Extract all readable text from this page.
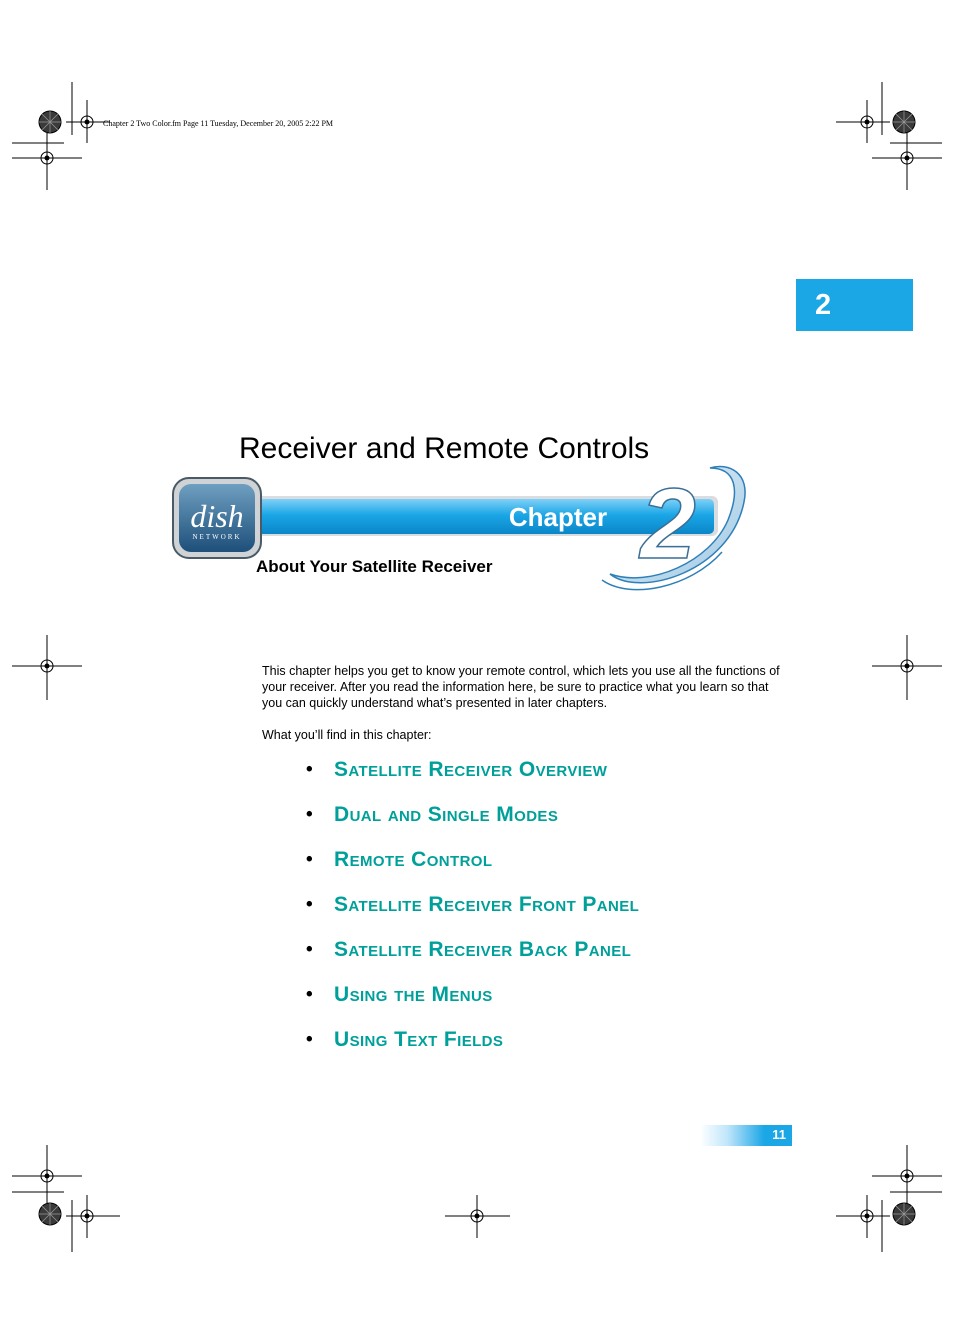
Chapter 2 Two Color.fm Page 11 Tuesday, December 20, 2005 2:22 PM
2
Receiver and Remote Controls
dish
NETWORK
Chapter 2
About Your Satellite Receiver
This chapter helps you get to know your remote control, which lets you use all the functions of your receiver. After you read the information here, be sure to practice what you learn so that you can quickly understand what’s presented in later chapters.
What you’ll find in this chapter:
•	Satellite Receiver Overview
•	Dual and Single Modes
•	Remote Control
•	Satellite Receiver Front Panel
•	Satellite Receiver Back Panel
•	Using the Menus
•	Using Text Fields
11
